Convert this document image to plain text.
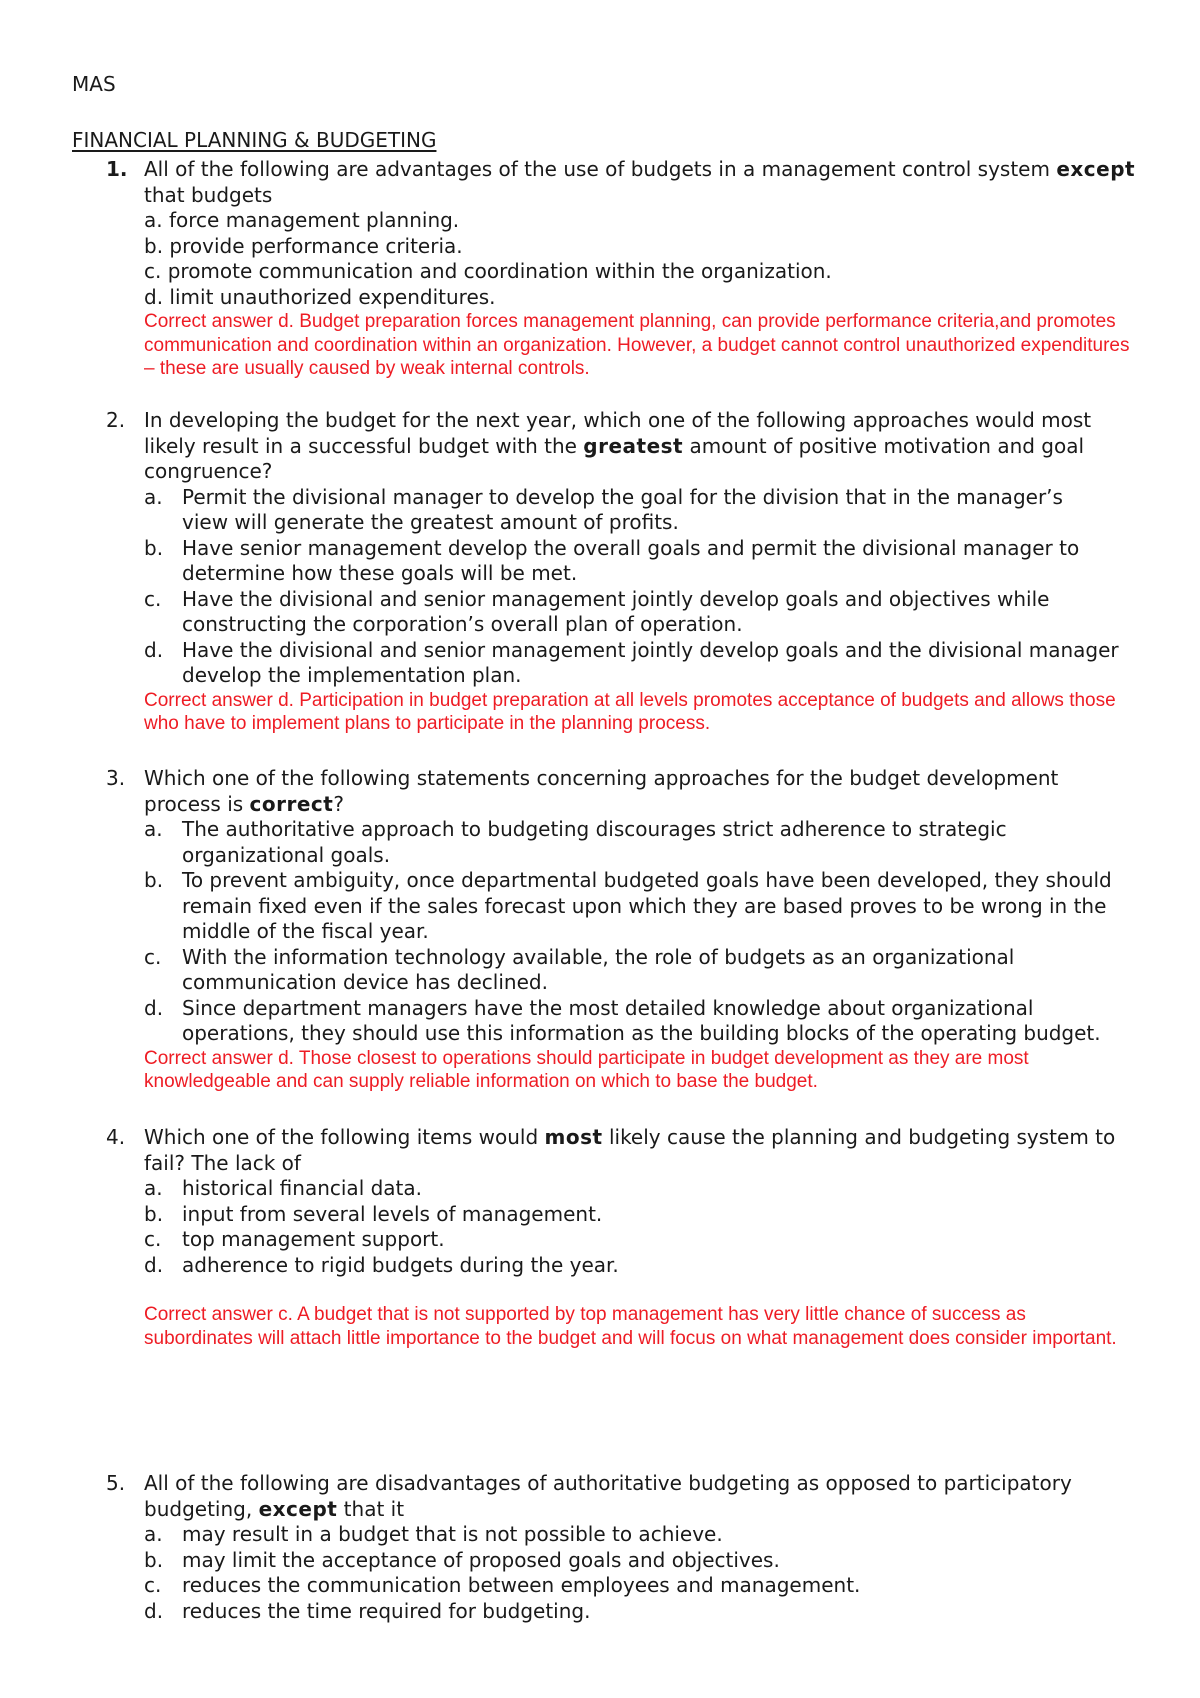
MAS
FINANCIAL PLANNING & BUDGETING
1. All of the following are advantages of the use of budgets in a management control system except that budgets
a. force management planning.
b. provide performance criteria.
c. promote communication and coordination within the organization.
d. limit unauthorized expenditures.
Correct answer d. Budget preparation forces management planning, can provide performance criteria,and promotes communication and coordination within an organization. However, a budget cannot control unauthorized expenditures – these are usually caused by weak internal controls.
2. In developing the budget for the next year, which one of the following approaches would most likely result in a successful budget with the greatest amount of positive motivation and goal congruence?
a. Permit the divisional manager to develop the goal for the division that in the manager’s
view will generate the greatest amount of profits.
b. Have senior management develop the overall goals and permit the divisional manager to determine how these goals will be met.
c. Have the divisional and senior management jointly develop goals and objectives while constructing the corporation’s overall plan of operation.
d. Have the divisional and senior management jointly develop goals and the divisional manager develop the implementation plan.
Correct answer d. Participation in budget preparation at all levels promotes acceptance of budgets and allows those who have to implement plans to participate in the planning process.
3. Which one of the following statements concerning approaches for the budget development process is correct?
a. The authoritative approach to budgeting discourages strict adherence to strategic organizational goals.
b. To prevent ambiguity, once departmental budgeted goals have been developed, they should remain fixed even if the sales forecast upon which they are based proves to be wrong in the middle of the fiscal year.
c. With the information technology available, the role of budgets as an organizational communication device has declined.
d. Since department managers have the most detailed knowledge about organizational operations, they should use this information as the building blocks of the operating budget.
Correct answer d. Those closest to operations should participate in budget development as they are most knowledgeable and can supply reliable information on which to base the budget.
4. Which one of the following items would most likely cause the planning and budgeting system to fail? The lack of
a. historical financial data.
b. input from several levels of management.
c. top management support.
d. adherence to rigid budgets during the year.
Correct answer c. A budget that is not supported by top management has very little chance of success as subordinates will attach little importance to the budget and will focus on what management does consider important.
5. All of the following are disadvantages of authoritative budgeting as opposed to participatory budgeting, except that it
a. may result in a budget that is not possible to achieve.
b. may limit the acceptance of proposed goals and objectives.
c. reduces the communication between employees and management.
d. reduces the time required for budgeting.
